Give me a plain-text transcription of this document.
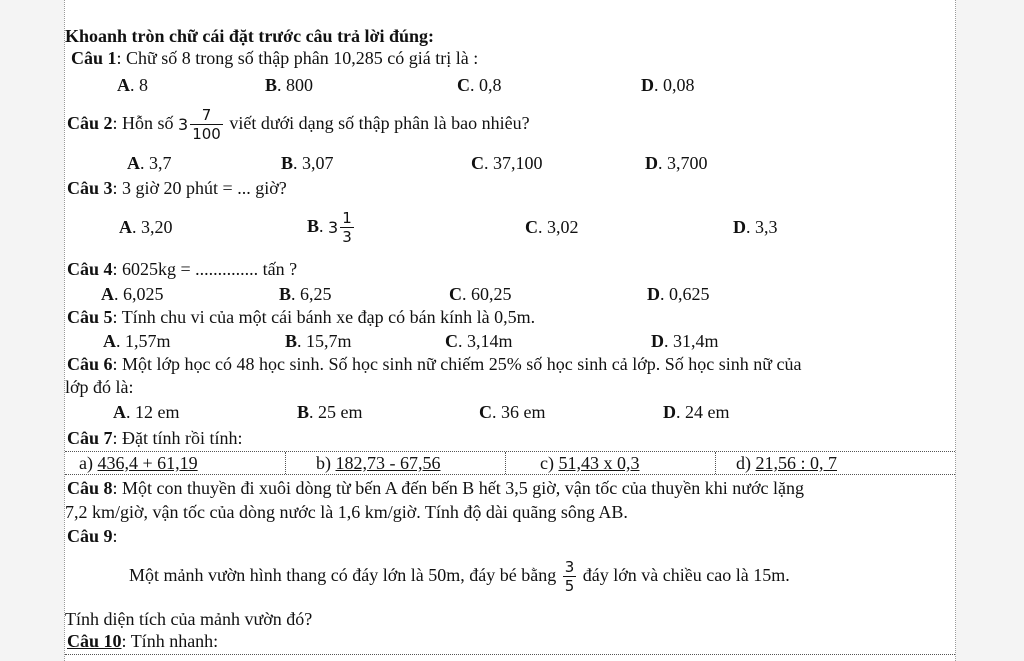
Khoanh tròn chữ cái đặt trước câu trả lời đúng:
Câu 1: Chữ số 8 trong số thập phân 10,285 có giá trị là :
A. 8	B. 800	C. 0,8	D. 0,08
Câu 2: Hỗn số $3 \frac{7}{100}$ viết dưới dạng số thập phân là bao nhiêu?
A. 3,7	B. 3,07	C. 37,100	D. 3,700
Câu 3: 3 giờ 20 phút = ... giờ?
A. 3,20	B. $3 \frac{1}{3}$	C. 3,02	D. 3,3
Câu 4: 6025kg = .............. tấn ?
A. 6,025	B. 6,25	C. 60,25	D. 0,625
Câu 5: Tính chu vi của một cái bánh xe đạp có bán kính là 0,5m.
A. 1,57m	B. 15,7m	C. 3,14m	D. 31,4m
Câu 6: Một lớp học có 48 học sinh. Số học sinh nữ chiếm 25% số học sinh cả lớp. Số học sinh nữ của
lớp đó là:
A. 12 em	B. 25 em	C. 36 em	D. 24 em
Câu 7: Đặt tính rồi tính:
a) 436,4 + 61,19	b) 182,73 - 67,56	c) 51,43 x 0,3	d) 21,56 : 0, 7
Câu 8: Một con thuyền đi xuôi dòng từ bến A đến bến B hết 3,5 giờ, vận tốc của thuyền khi nước lặng
7,2 km/giờ, vận tốc của dòng nước là 1,6 km/giờ. Tính độ dài quãng sông AB.
Câu 9:
Một mảnh vườn hình thang có đáy lớn là 50m, đáy bé bằng $\frac{3}{5}$ đáy lớn và chiều cao là 15m.
Tính diện tích của mảnh vườn đó?
Câu 10: Tính nhanh:
